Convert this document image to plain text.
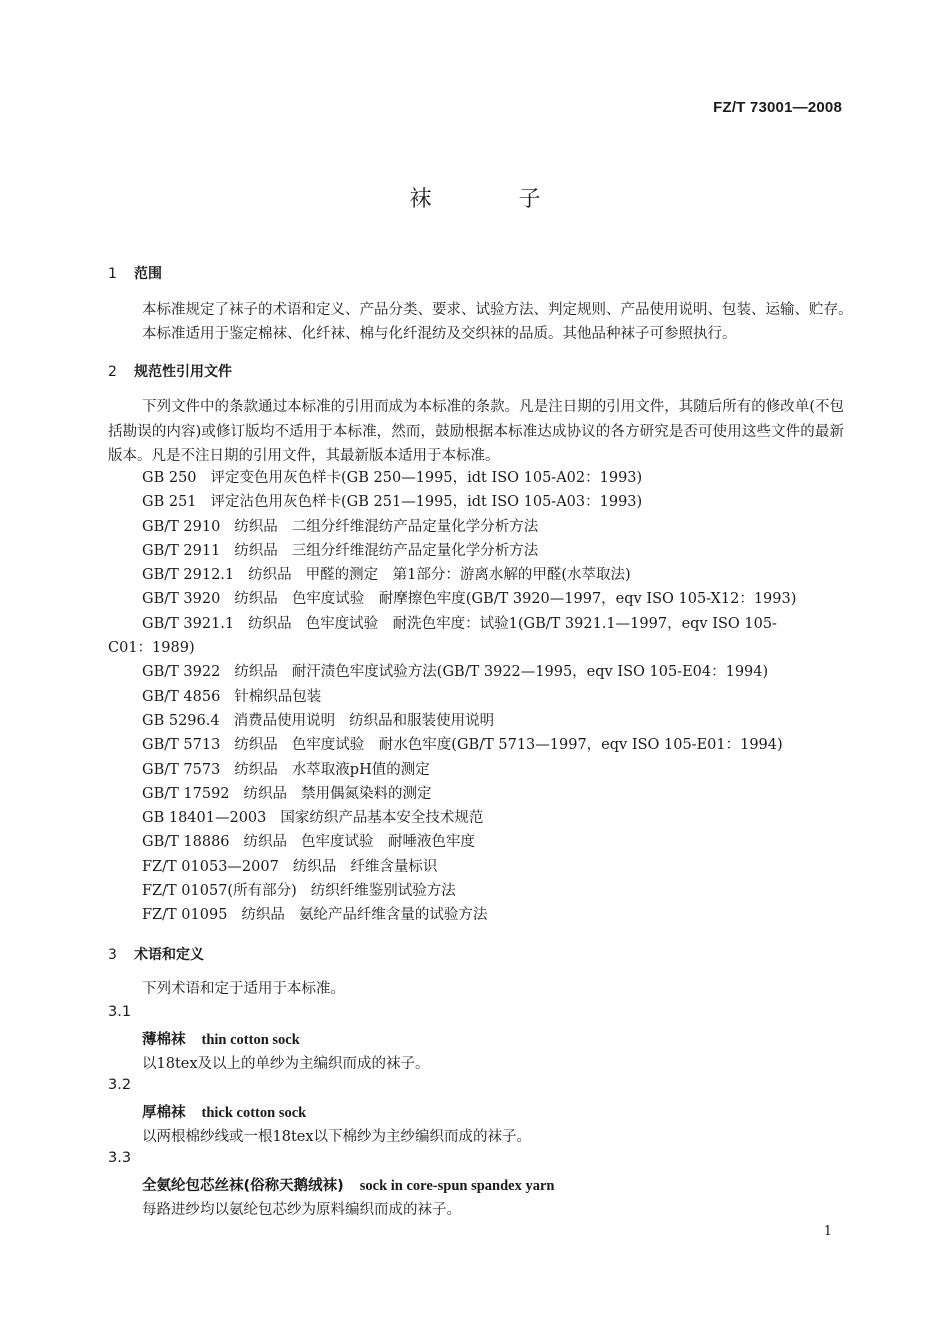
FZ/T 73001—2008
袜 子
1 范围
本标准规定了袜子的术语和定义、产品分类、要求、试验方法、判定规则、产品使用说明、包装、运输、贮存。
本标准适用于鉴定棉袜、化纤袜、棉与化纤混纺及交织袜的品质。其他品种袜子可参照执行。
2 规范性引用文件
下列文件中的条款通过本标准的引用而成为本标准的条款。凡是注日期的引用文件，其随后所有的修改单(不包括勘误的内容)或修订版均不适用于本标准，然而，鼓励根据本标准达成协议的各方研究是否可使用这些文件的最新版本。凡是不注日期的引用文件，其最新版本适用于本标准。
GB 250 评定变色用灰色样卡(GB 250—1995，idt ISO 105-A02：1993)
GB 251 评定沾色用灰色样卡(GB 251—1995，idt ISO 105-A03：1993)
GB/T 2910 纺织品 二组分纤维混纺产品定量化学分析方法
GB/T 2911 纺织品 三组分纤维混纺产品定量化学分析方法
GB/T 2912.1 纺织品 甲醛的测定　第1部分：游离水解的甲醛(水萃取法)
GB/T 3920 纺织品 色牢度试验　耐摩擦色牢度(GB/T 3920—1997，eqv ISO 105-X12：1993)
GB/T 3921.1 纺织品 色牢度试验　耐洗色牢度：试验1(GB/T 3921.1—1997，eqv ISO 105-
C01：1989)
GB/T 3922 纺织品 耐汗渍色牢度试验方法(GB/T 3922—1995，eqv ISO 105-E04：1994)
GB/T 4856 针棉织品包装
GB 5296.4 消费品使用说明 纺织品和服装使用说明
GB/T 5713 纺织品 色牢度试验　耐水色牢度(GB/T 5713—1997，eqv ISO 105-E01：1994)
GB/T 7573 纺织品 水萃取液pH值的测定
GB/T 17592 纺织品 禁用偶氮染料的测定
GB 18401—2003 国家纺织产品基本安全技术规范
GB/T 18886 纺织品 色牢度试验　耐唾液色牢度
FZ/T 01053—2007 纺织品 纤维含量标识
FZ/T 01057(所有部分) 纺织纤维鉴别试验方法
FZ/T 01095 纺织品 氨纶产品纤维含量的试验方法
3 术语和定义
下列术语和定于适用于本标准。
3.1
薄棉袜 thin cotton sock
以18tex及以上的单纱为主编织而成的袜子。
3.2
厚棉袜 thick cotton sock
以两根棉纱线或一根18tex以下棉纱为主纱编织而成的袜子。
3.3
全氨纶包芯丝袜(俗称天鹅绒袜) sock in core-spun spandex yarn
每路进纱均以氨纶包芯纱为原料编织而成的袜子。
1
